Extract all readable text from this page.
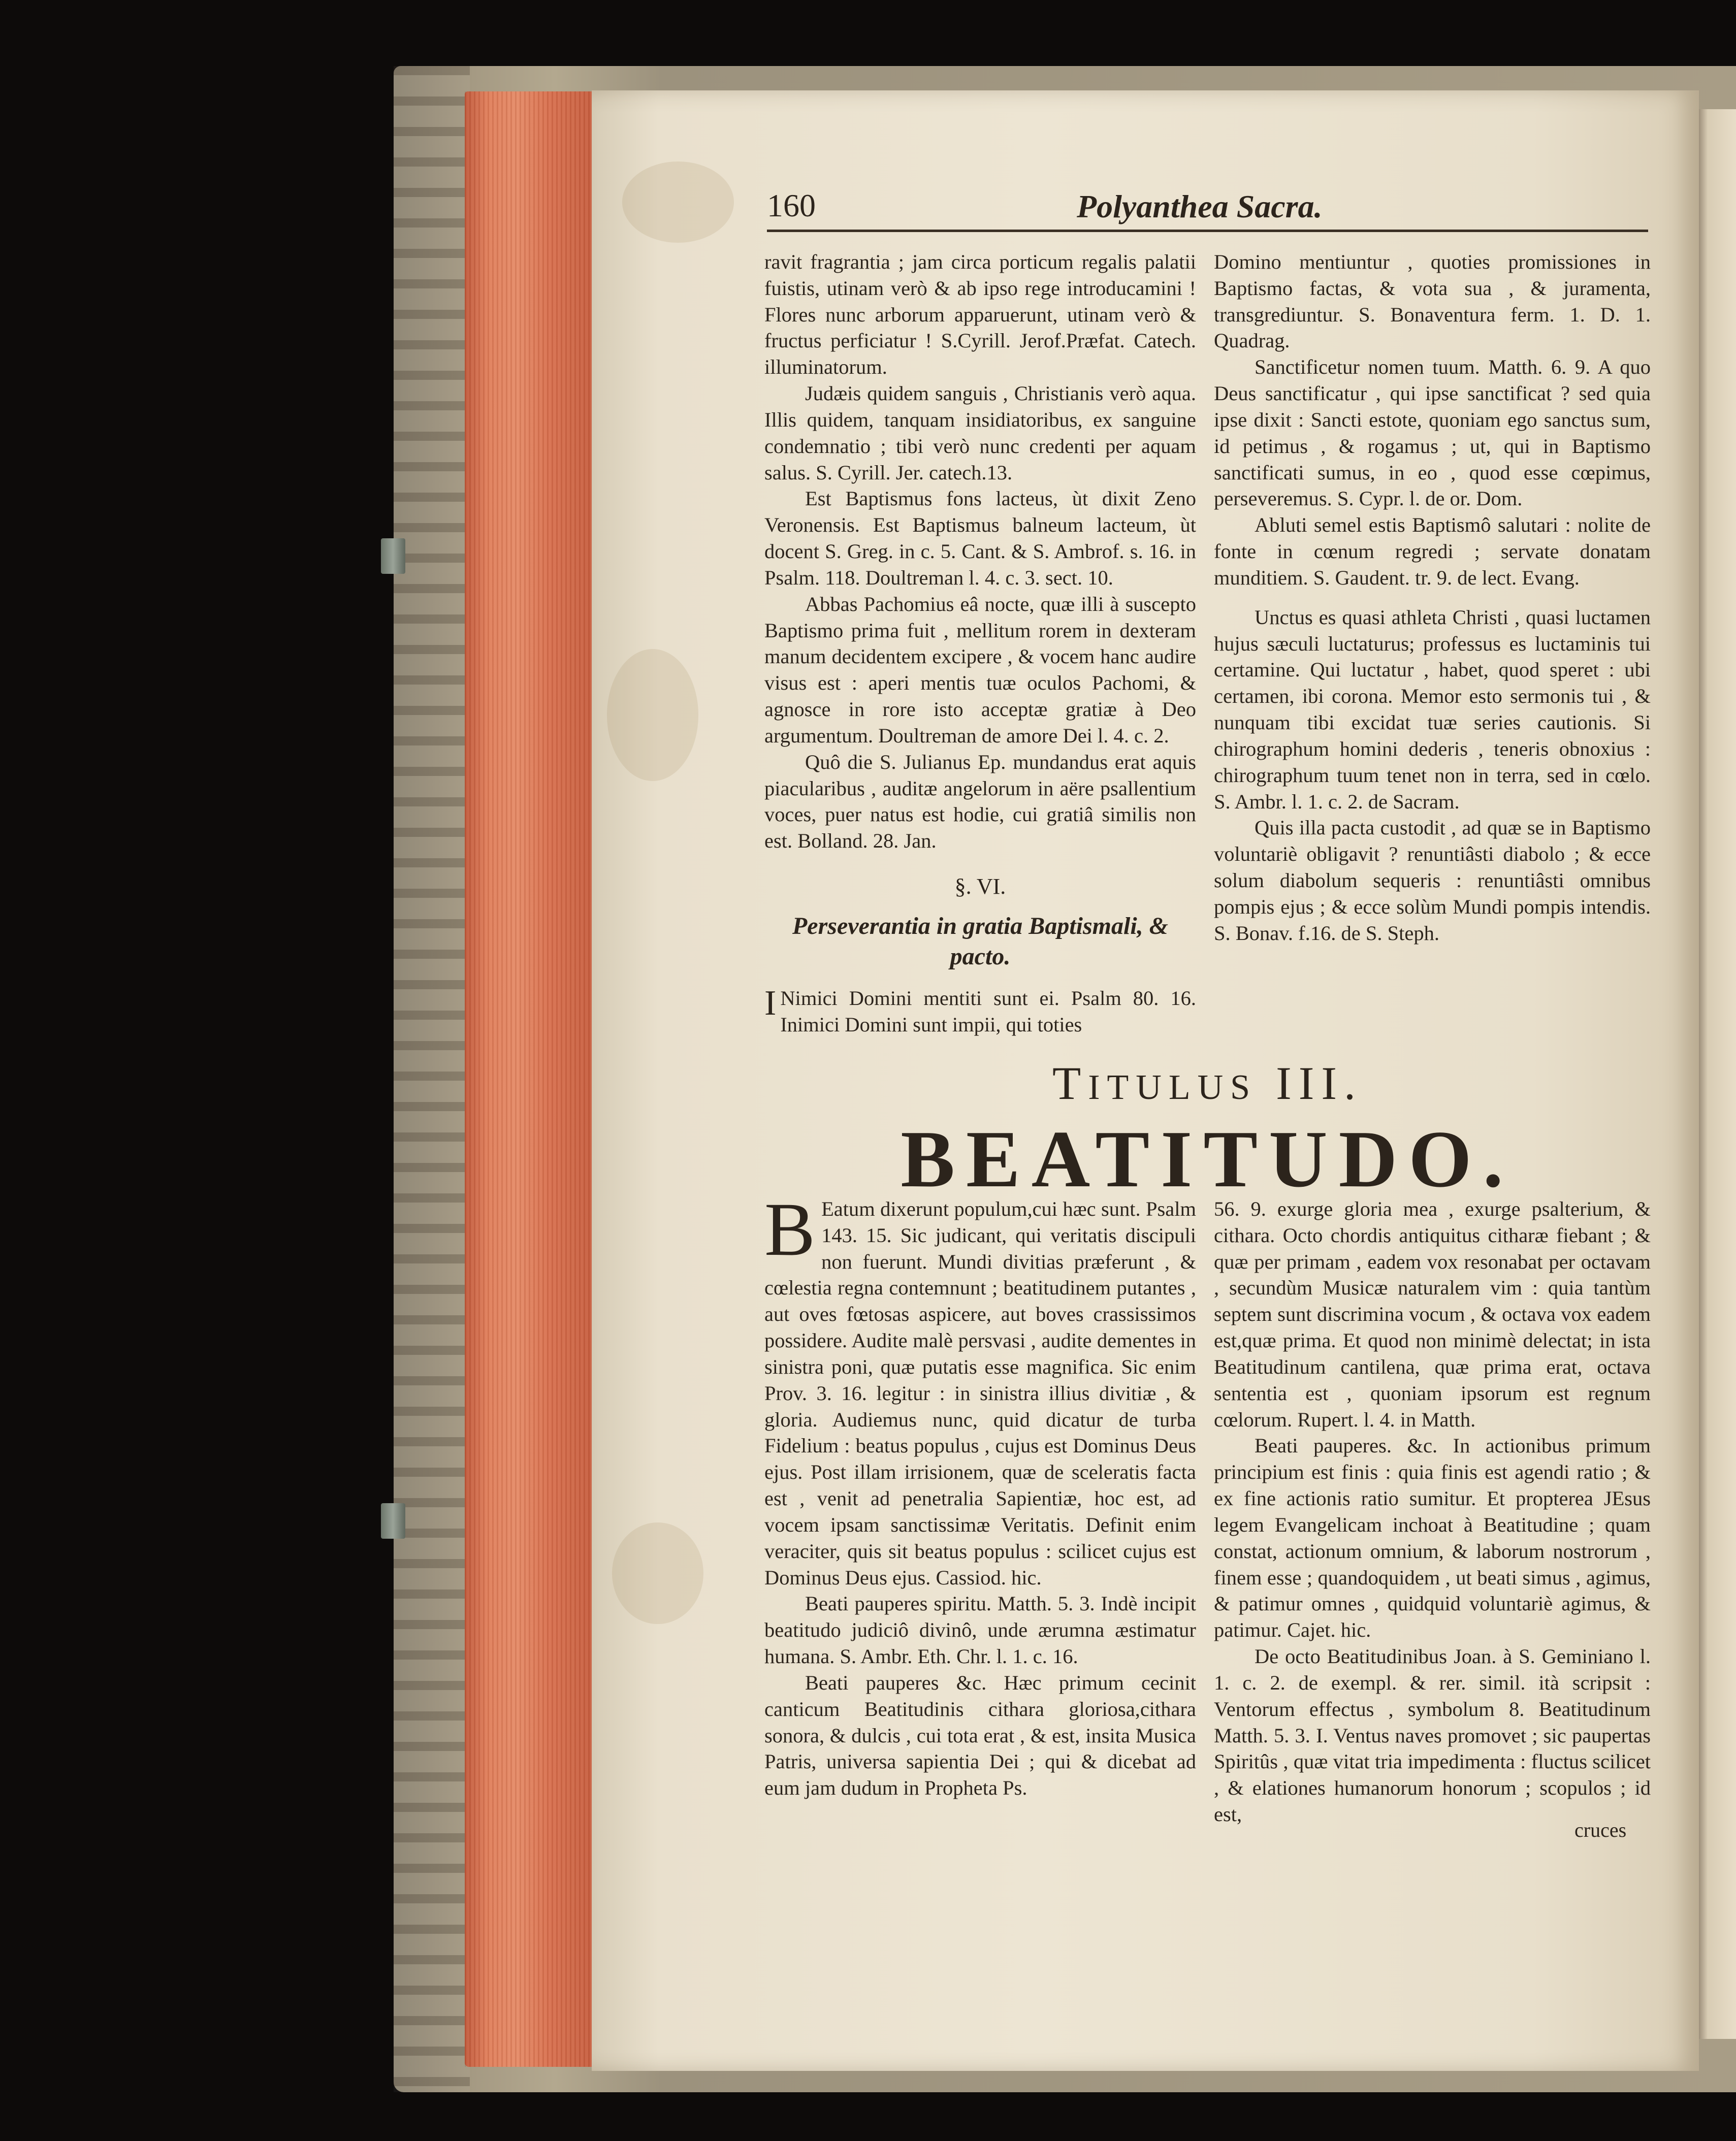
160	Polyanthea Sacra.

ravit fragrantia ; jam circa porticum regalis palatii fuistis, utinam verò & ab ipso rege introducamini ! Flores nunc arborum apparuerunt, utinam verò & fructus perficiatur ! S.Cyrill. Jerof.Præfat. Catech. illuminatorum.

Judæis quidem sanguis , Christianis verò aqua. Illis quidem, tanquam insidiatoribus, ex sanguine condemnatio ; tibi verò nunc credenti per aquam salus. S. Cyrill. Jer. catech.13.

Est Baptismus fons lacteus, ùt dixit Zeno Veronensis. Est Baptismus balneum lacteum, ùt docent S. Greg. in c. 5. Cant. & S. Ambrof. s. 16. in Psalm. 118. Doultreman l. 4. c. 3. sect. 10.

Abbas Pachomius eâ nocte, quæ illi à suscepto Baptismo prima fuit , mellitum rorem in dexteram manum decidentem excipere , & vocem hanc audire visus est : aperi mentis tuæ oculos Pachomi, & agnosce in rore isto acceptæ gratiæ à Deo argumentum. Doultreman de amore Dei l. 4. c. 2.

Quô die S. Julianus Ep. mundandus erat aquis piacularibus , auditæ angelorum in aëre psallentium voces, puer natus est hodie, cui gratiâ similis non est. Bolland. 28. Jan.

§. VI.

Perseverantia in gratia Baptismali, & pacto.

I Nimici Domini mentiti sunt ei. Psalm 80. 16. Inimici Domini sunt impii, qui toties

Domino mentiuntur , quoties promissiones in Baptismo factas, & vota sua , & juramenta, transgrediuntur. S. Bonaventura ferm. 1. D. 1. Quadrag.

Sanctificetur nomen tuum. Matth. 6. 9. A quo Deus sanctificatur , qui ipse sanctificat ? sed quia ipse dixit : Sancti estote, quoniam ego sanctus sum, id petimus , & rogamus ; ut, qui in Baptismo sanctificati sumus, in eo , quod esse cœpimus, perseveremus. S. Cypr. l. de or. Dom.

Abluti semel estis Baptismô salutari : nolite de fonte in cœnum regredi ; servate donatam munditiem. S. Gaudent. tr. 9. de lect. Evang.

Unctus es quasi athleta Christi , quasi luctamen hujus sæculi luctaturus; professus es luctaminis tui certamine. Qui luctatur , habet, quod speret : ubi certamen, ibi corona. Memor esto sermonis tui , & nunquam tibi excidat tuæ series cautionis. Si chirographum homini dederis , teneris obnoxius : chirographum tuum tenet non in terra, sed in cœlo. S. Ambr. l. 1. c. 2. de Sacram.

Quis illa pacta custodit , ad quæ se in Baptismo voluntariè obligavit ? renuntiâsti diabolo ; & ecce solum diabolum sequeris : renuntiâsti omnibus pompis ejus ; & ecce solùm Mundi pompis intendis. S. Bonav. f.16. de S. Steph.

TITULUS III.
BEATITUDO.

B Eatum dixerunt populum,cui hæc sunt. Psalm 143. 15. Sic judicant, qui veritatis discipuli non fuerunt. Mundi divitias præferunt , & cœlestia regna contemnunt ; beatitudinem putantes , aut oves fœtosas aspicere, aut boves crassissimos possidere. Audite malè persvasi , audite dementes in sinistra poni, quæ putatis esse magnifica. Sic enim Prov. 3. 16. legitur : in sinistra illius divitiæ , & gloria. Audiemus nunc, quid dicatur de turba Fidelium : beatus populus , cujus est Dominus Deus ejus. Post illam irrisionem, quæ de sceleratis facta est , venit ad penetralia Sapientiæ, hoc est, ad vocem ipsam sanctissimæ Veritatis. Definit enim veraciter, quis sit beatus populus : scilicet cujus est Dominus Deus ejus. Cassiod. hic.

Beati pauperes spiritu. Matth. 5. 3. Indè incipit beatitudo judiciô divinô, unde ærumna æstimatur humana. S. Ambr. Eth. Chr. l. 1. c. 16.

Beati pauperes &c. Hæc primum cecinit canticum Beatitudinis cithara gloriosa,cithara sonora, & dulcis , cui tota erat , & est, insita Musica Patris, universa sapientia Dei ; qui & dicebat ad eum jam dudum in Propheta Ps.

56. 9. exurge gloria mea , exurge psalterium, & cithara. Octo chordis antiquitus citharæ fiebant ; & quæ per primam , eadem vox resonabat per octavam , secundùm Musicæ naturalem vim : quia tantùm septem sunt discrimina vocum , & octava vox eadem est,quæ prima. Et quod non minimè delectat; in ista Beatitudinum cantilena, quæ prima erat, octava sententia est , quoniam ipsorum est regnum cœlorum. Rupert. l. 4. in Matth.

Beati pauperes. &c. In actionibus primum principium est finis : quia finis est agendi ratio ; & ex fine actionis ratio sumitur. Et propterea JEsus legem Evangelicam inchoat à Beatitudine ; quam constat, actionum omnium, & laborum nostrorum , finem esse ; quandoquidem , ut beati simus , agimus, & patimur omnes , quidquid voluntariè agimus, & patimur. Cajet. hic.

De octo Beatitudinibus Joan. à S. Geminiano l. 1. c. 2. de exempl. & rer. simil. ità scripsit : Ventorum effectus , symbolum 8. Beatitudinum Matth. 5. 3. I. Ventus naves promovet ; sic paupertas Spiritûs , quæ vitat tria impedimenta : fluctus scilicet , & elationes humanorum honorum ; scopulos ; id est,

cruces
